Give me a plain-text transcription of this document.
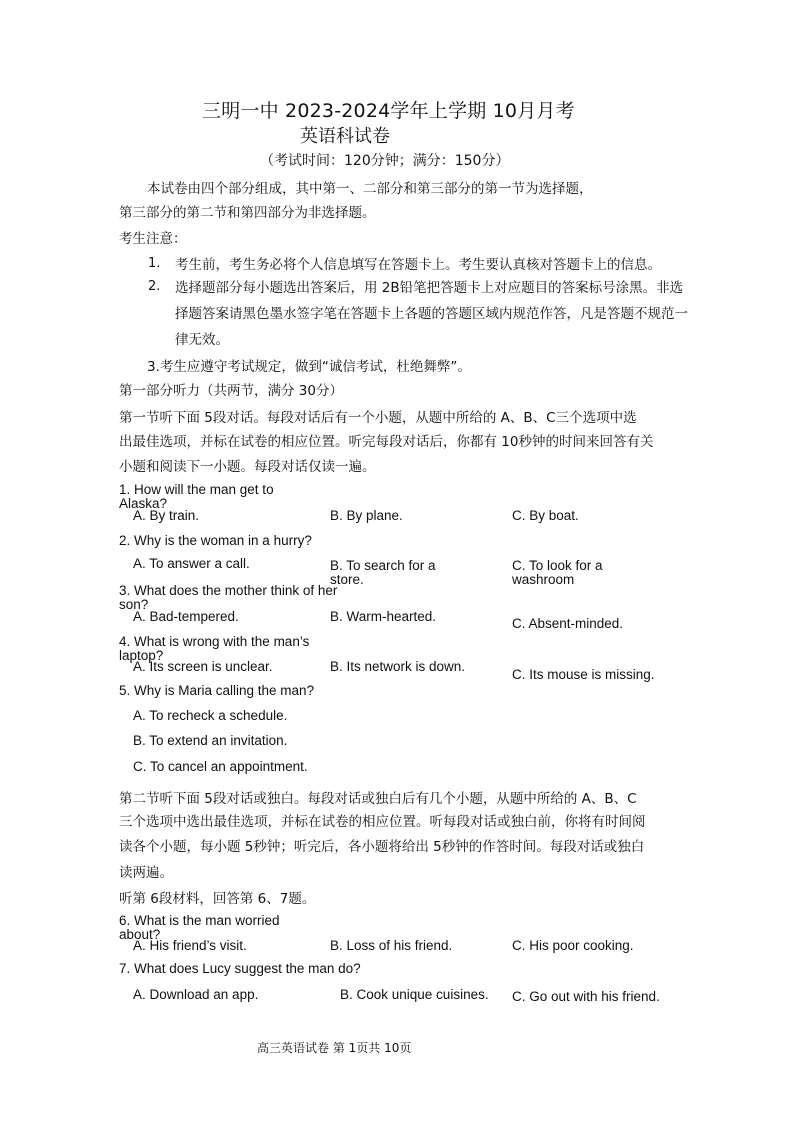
三明一中 2023-2024学年上学期 10月月考
英语科试卷
（考试时间：120分钟；满分：150分）
本试卷由四个部分组成，其中第一、二部分和第三部分的第一节为选择题，
第三部分的第二节和第四部分为非选择题。
考生注意：
1. 考生前，考生务必将个人信息填写在答题卡上。考生要认真核对答题卡上的信息。
2. 选择题部分每小题选出答案后，用 2B铅笔把答题卡上对应题目的答案标号涂黑。非选
择题答案请黑色墨水签字笔在答题卡上各题的答题区域内规范作答，凡是答题不规范一
律无效。
3.考生应遵守考试规定，做到“诚信考试，杜绝舞弊”。
第一部分听力（共两节，满分 30分）
第一节听下面 5段对话。每段对话后有一个小题，从题中所给的 A、B、C三个选项中选
出最佳选项，并标在试卷的相应位置。听完每段对话后，你都有 10秒钟的时间来回答有关
小题和阅读下一小题。每段对话仅读一遍。
1. How will the man get to
Alaska?
A. By train.	B. By plane.	C. By boat.
2. Why is the woman in a hurry?
A. To answer a call.	B. To search for a
store.
C. To look for a
washroom
3. What does the mother think of her
son?
A. Bad-tempered.	B. Warm-hearted.	C. Absent-minded.
4. What is wrong with the man’s
laptop?
A. Its screen is unclear.	B. Its network is down.
C. Its mouse is missing.
5. Why is Maria calling the man?
A. To recheck a schedule.
B. To extend an invitation.
C. To cancel an appointment.
第二节听下面 5段对话或独白。每段对话或独白后有几个小题，从题中所给的 A、B、C
三个选项中选出最佳选项，并标在试卷的相应位置。听每段对话或独白前，你将有时间阅
读各个小题，每小题 5秒钟；听完后，各小题将给出 5秒钟的作答时间。每段对话或独白
读两遍。
听第 6段材料，回答第 6、7题。
6. What is the man worried
about?
A. His friend’s visit.	B. Loss of his friend.	C. His poor cooking.
7. What does Lucy suggest the man do?
A. Download an app.	B. Cook unique cuisines. C. Go out with his friend.
高三英语试卷 第 1页共 10页
